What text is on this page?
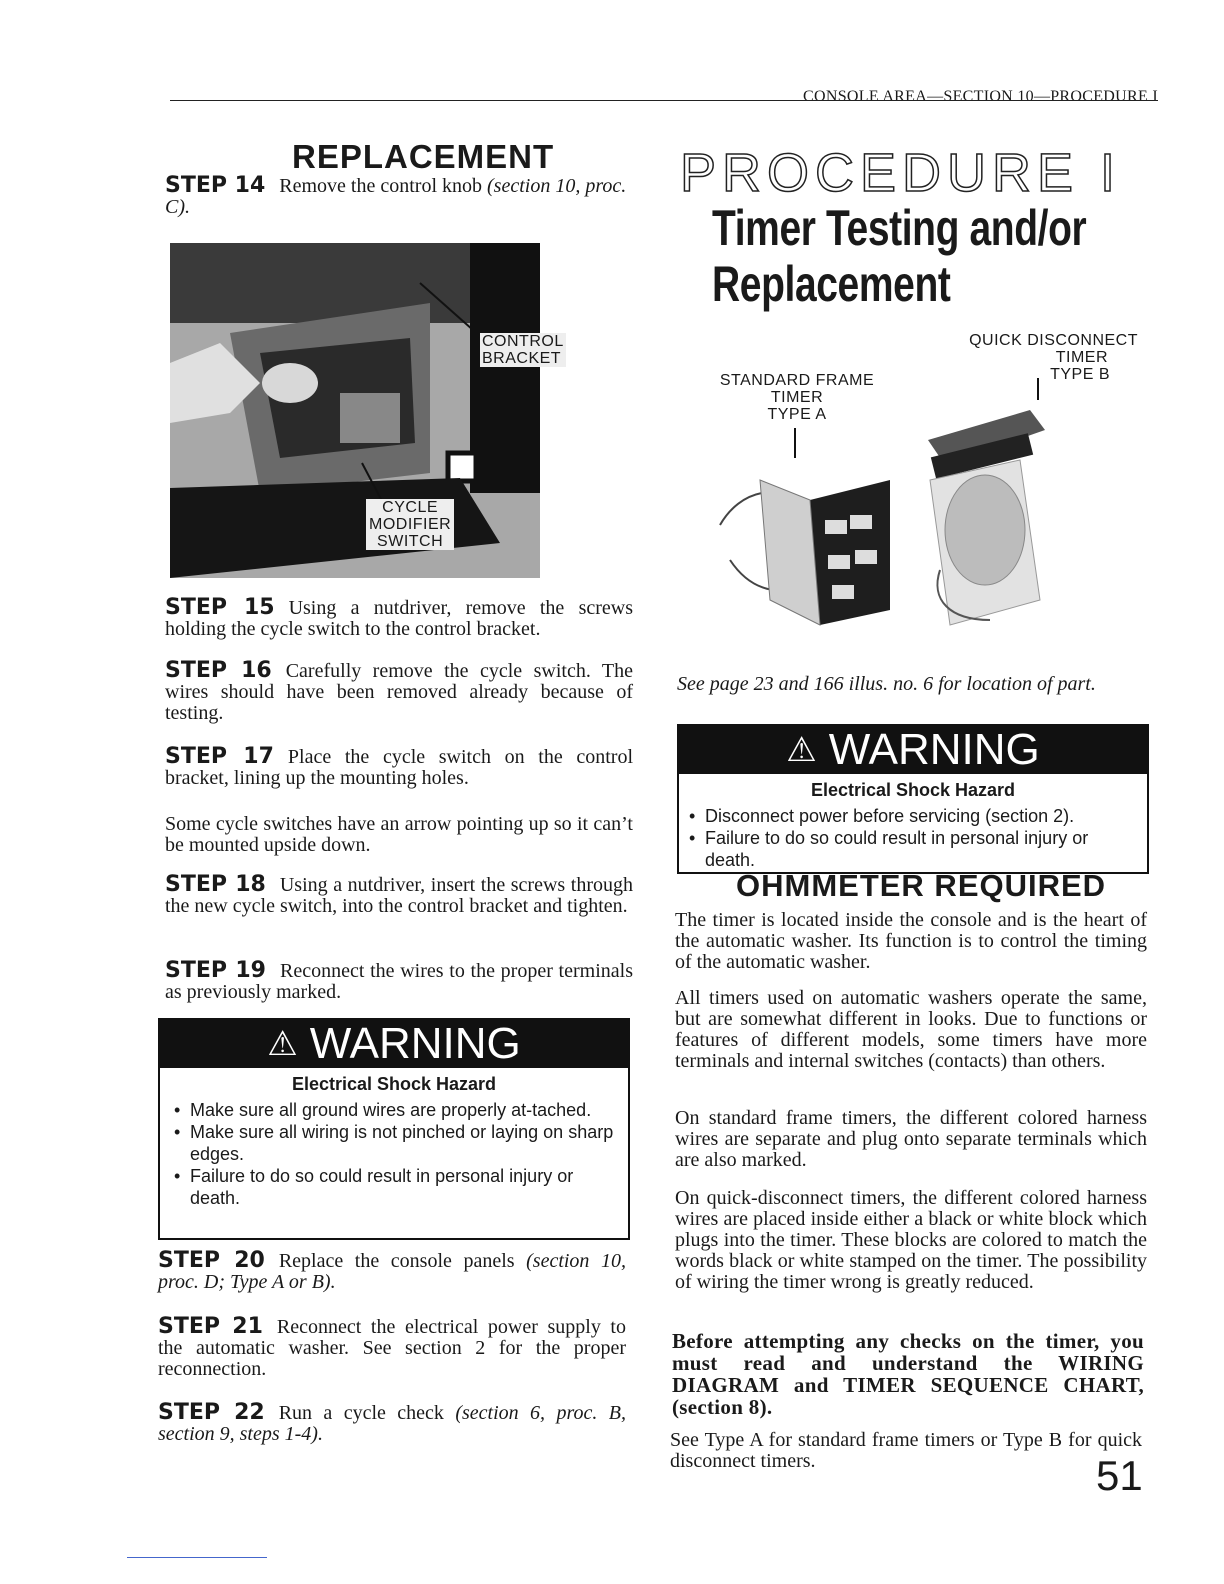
CONSOLE AREA—SECTION 10—PROCEDURE I
REPLACEMENT
STEP 14 Remove the control knob (section 10, proc. C).
CONTROL
BRACKET
CYCLE
MODIFIER
SWITCH
STEP 15 Using a nutdriver, remove the screws holding the cycle switch to the control bracket.
STEP 16 Carefully remove the cycle switch. The wires should have been removed already because of testing.
STEP 17 Place the cycle switch on the control bracket, lining up the mounting holes.
Some cycle switches have an arrow pointing up so it can’t be mounted upside down.
STEP 18 Using a nutdriver, insert the screws through the new cycle switch, into the control bracket and tighten.
STEP 19 Reconnect the wires to the proper terminals as previously marked.
⚠ WARNING
Electrical Shock Hazard
• Make sure all ground wires are properly at-tached.
• Make sure all wiring is not pinched or laying on sharp edges.
• Failure to do so could result in personal injury or death.
STEP 20 Replace the console panels (section 10, proc. D; Type A or B).
STEP 21 Reconnect the electrical power supply to the automatic washer. See section 2 for the proper reconnection.
STEP 22 Run a cycle check (section 6, proc. B, section 9, steps 1-4).
PROCEDURE I
Timer Testing and/or
Replacement
STANDARD FRAME
TIMER
TYPE A
QUICK DISCONNECT
TIMER
TYPE B
See page 23 and 166 illus. no. 6 for location of part.
⚠ WARNING
Electrical Shock Hazard
• Disconnect power before servicing (section 2).
• Failure to do so could result in personal injury or death.
OHMMETER REQUIRED
The timer is located inside the console and is the heart of the automatic washer. Its function is to control the timing of the automatic washer.
All timers used on automatic washers operate the same, but are somewhat different in looks. Due to functions or features of different models, some timers have more terminals and internal switches (contacts) than others.
On standard frame timers, the different colored harness wires are separate and plug onto separate terminals which are also marked.
On quick-disconnect timers, the different colored harness wires are placed inside either a black or white block which plugs into the timer. These blocks are colored to match the words black or white stamped on the timer. The possibility of wiring the timer wrong is greatly reduced.
Before attempting any checks on the timer, you must read and understand the WIRING DIAGRAM and TIMER SEQUENCE CHART, (section 8).
See Type A for standard frame timers or Type B for quick disconnect timers.	51
